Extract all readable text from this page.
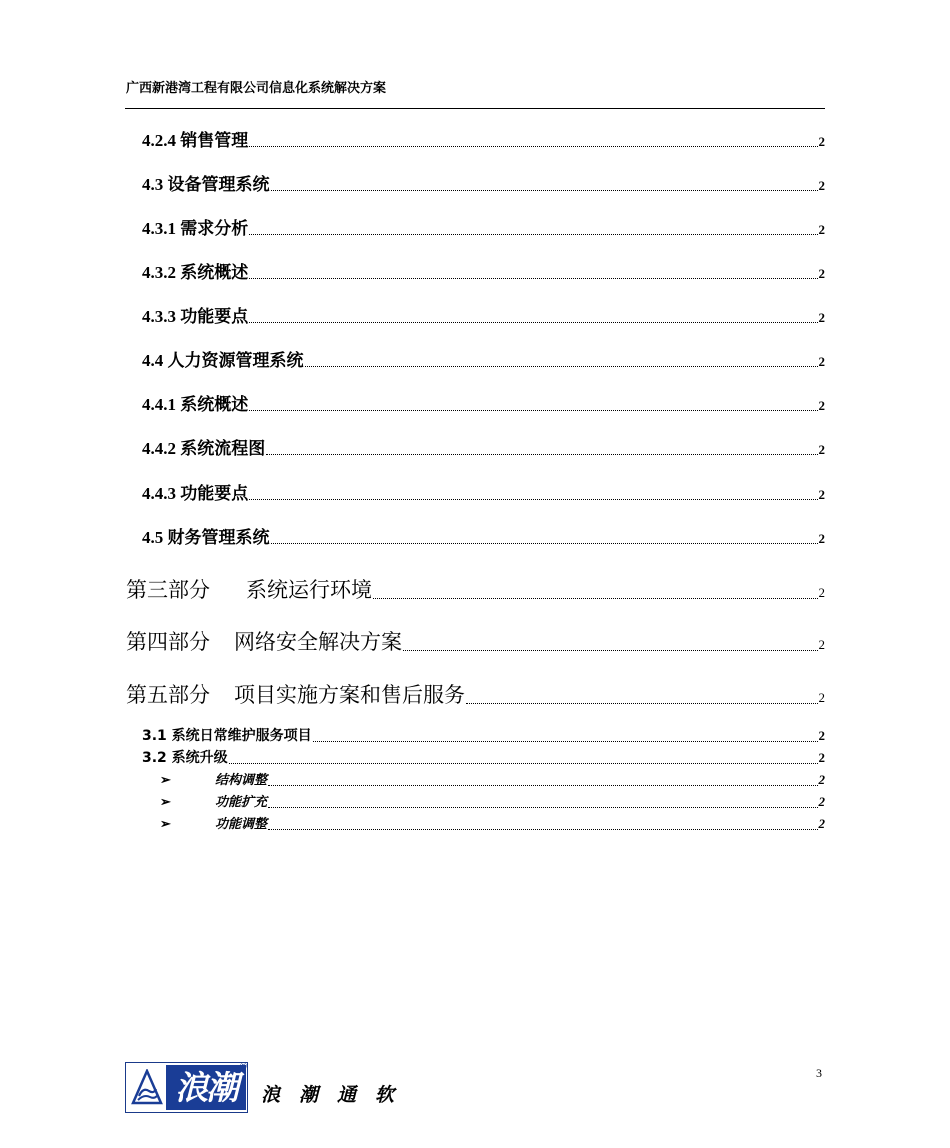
广西新港湾工程有限公司信息化系统解决方案
4.2.4 销售管理	2
4.3 设备管理系统	2
4.3.1 需求分析	2
4.3.2 系统概述	2
4.3.3 功能要点	2
4.4 人力资源管理系统	2
4.4.1 系统概述	2
4.4.2 系统流程图	2
4.4.3 功能要点	2
4.5 财务管理系统	2
第三部分 系统运行环境	2
第四部分 网络安全解决方案	2
第五部分 项目实施方案和售后服务	2
3.1 系统日常维护服务项目	2
3.2 系统升级	2
➢	结构调整	2
➢	功能扩充	2
➢	功能调整	2
3
浪潮
®
浪潮通软
